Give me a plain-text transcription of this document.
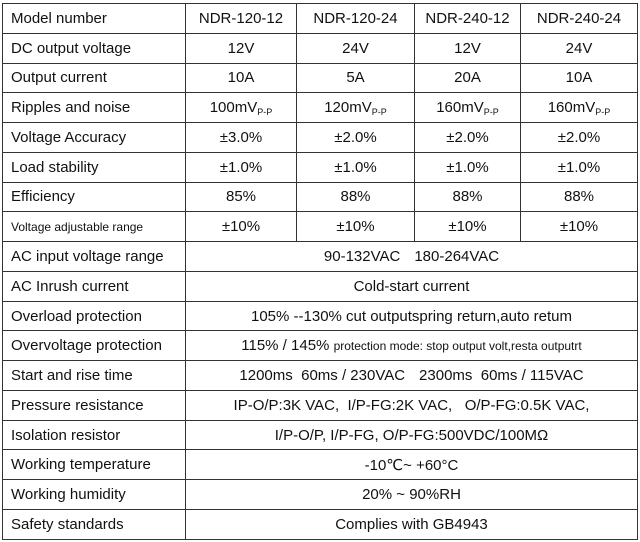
Model number	NDR-120-12	NDR-120-24	NDR-240-12	NDR-240-24
DC output voltage	12V	24V	12V	24V
Output current	10A	5A	20A	10A
Ripples and noise	$100mV_{P-P}$	$120mV_{P-P}$	$160mV_{P-P}$	$160mV_{P-P}$
Voltage Accuracy	±3.0%	±2.0%	±2.0%	±2.0%
Load stability	±1.0%	±1.0%	±1.0%	±1.0%
Efficiency	85%	88%	88%	88%
Voltage adjustable range	±10%	±10%	±10%	±10%
AC input voltage range	90-132VAC 180-264VAC			
AC Inrush current	Cold-start current			
Overload protection	105% --130% cut outputspring return,auto retum			
Overvoltage protection	115% / 145% protection mode: stop output volt,resta outputrt			
Start and rise time	1200ms  60ms / 230VAC 2300ms  60ms / 115VAC			
Pressure resistance	IP-O/P:3K VAC,  I/P-FG:2K VAC,   O/P-FG:0.5K VAC,			
Isolation resistor	I/P-O/P, I/P-FG, O/P-FG:500VDC/100MΩ			
Working temperature	-10℃~ +60°C			
Working humidity	20% ~ 90%RH			
Safety standards	Complies with GB4943			
